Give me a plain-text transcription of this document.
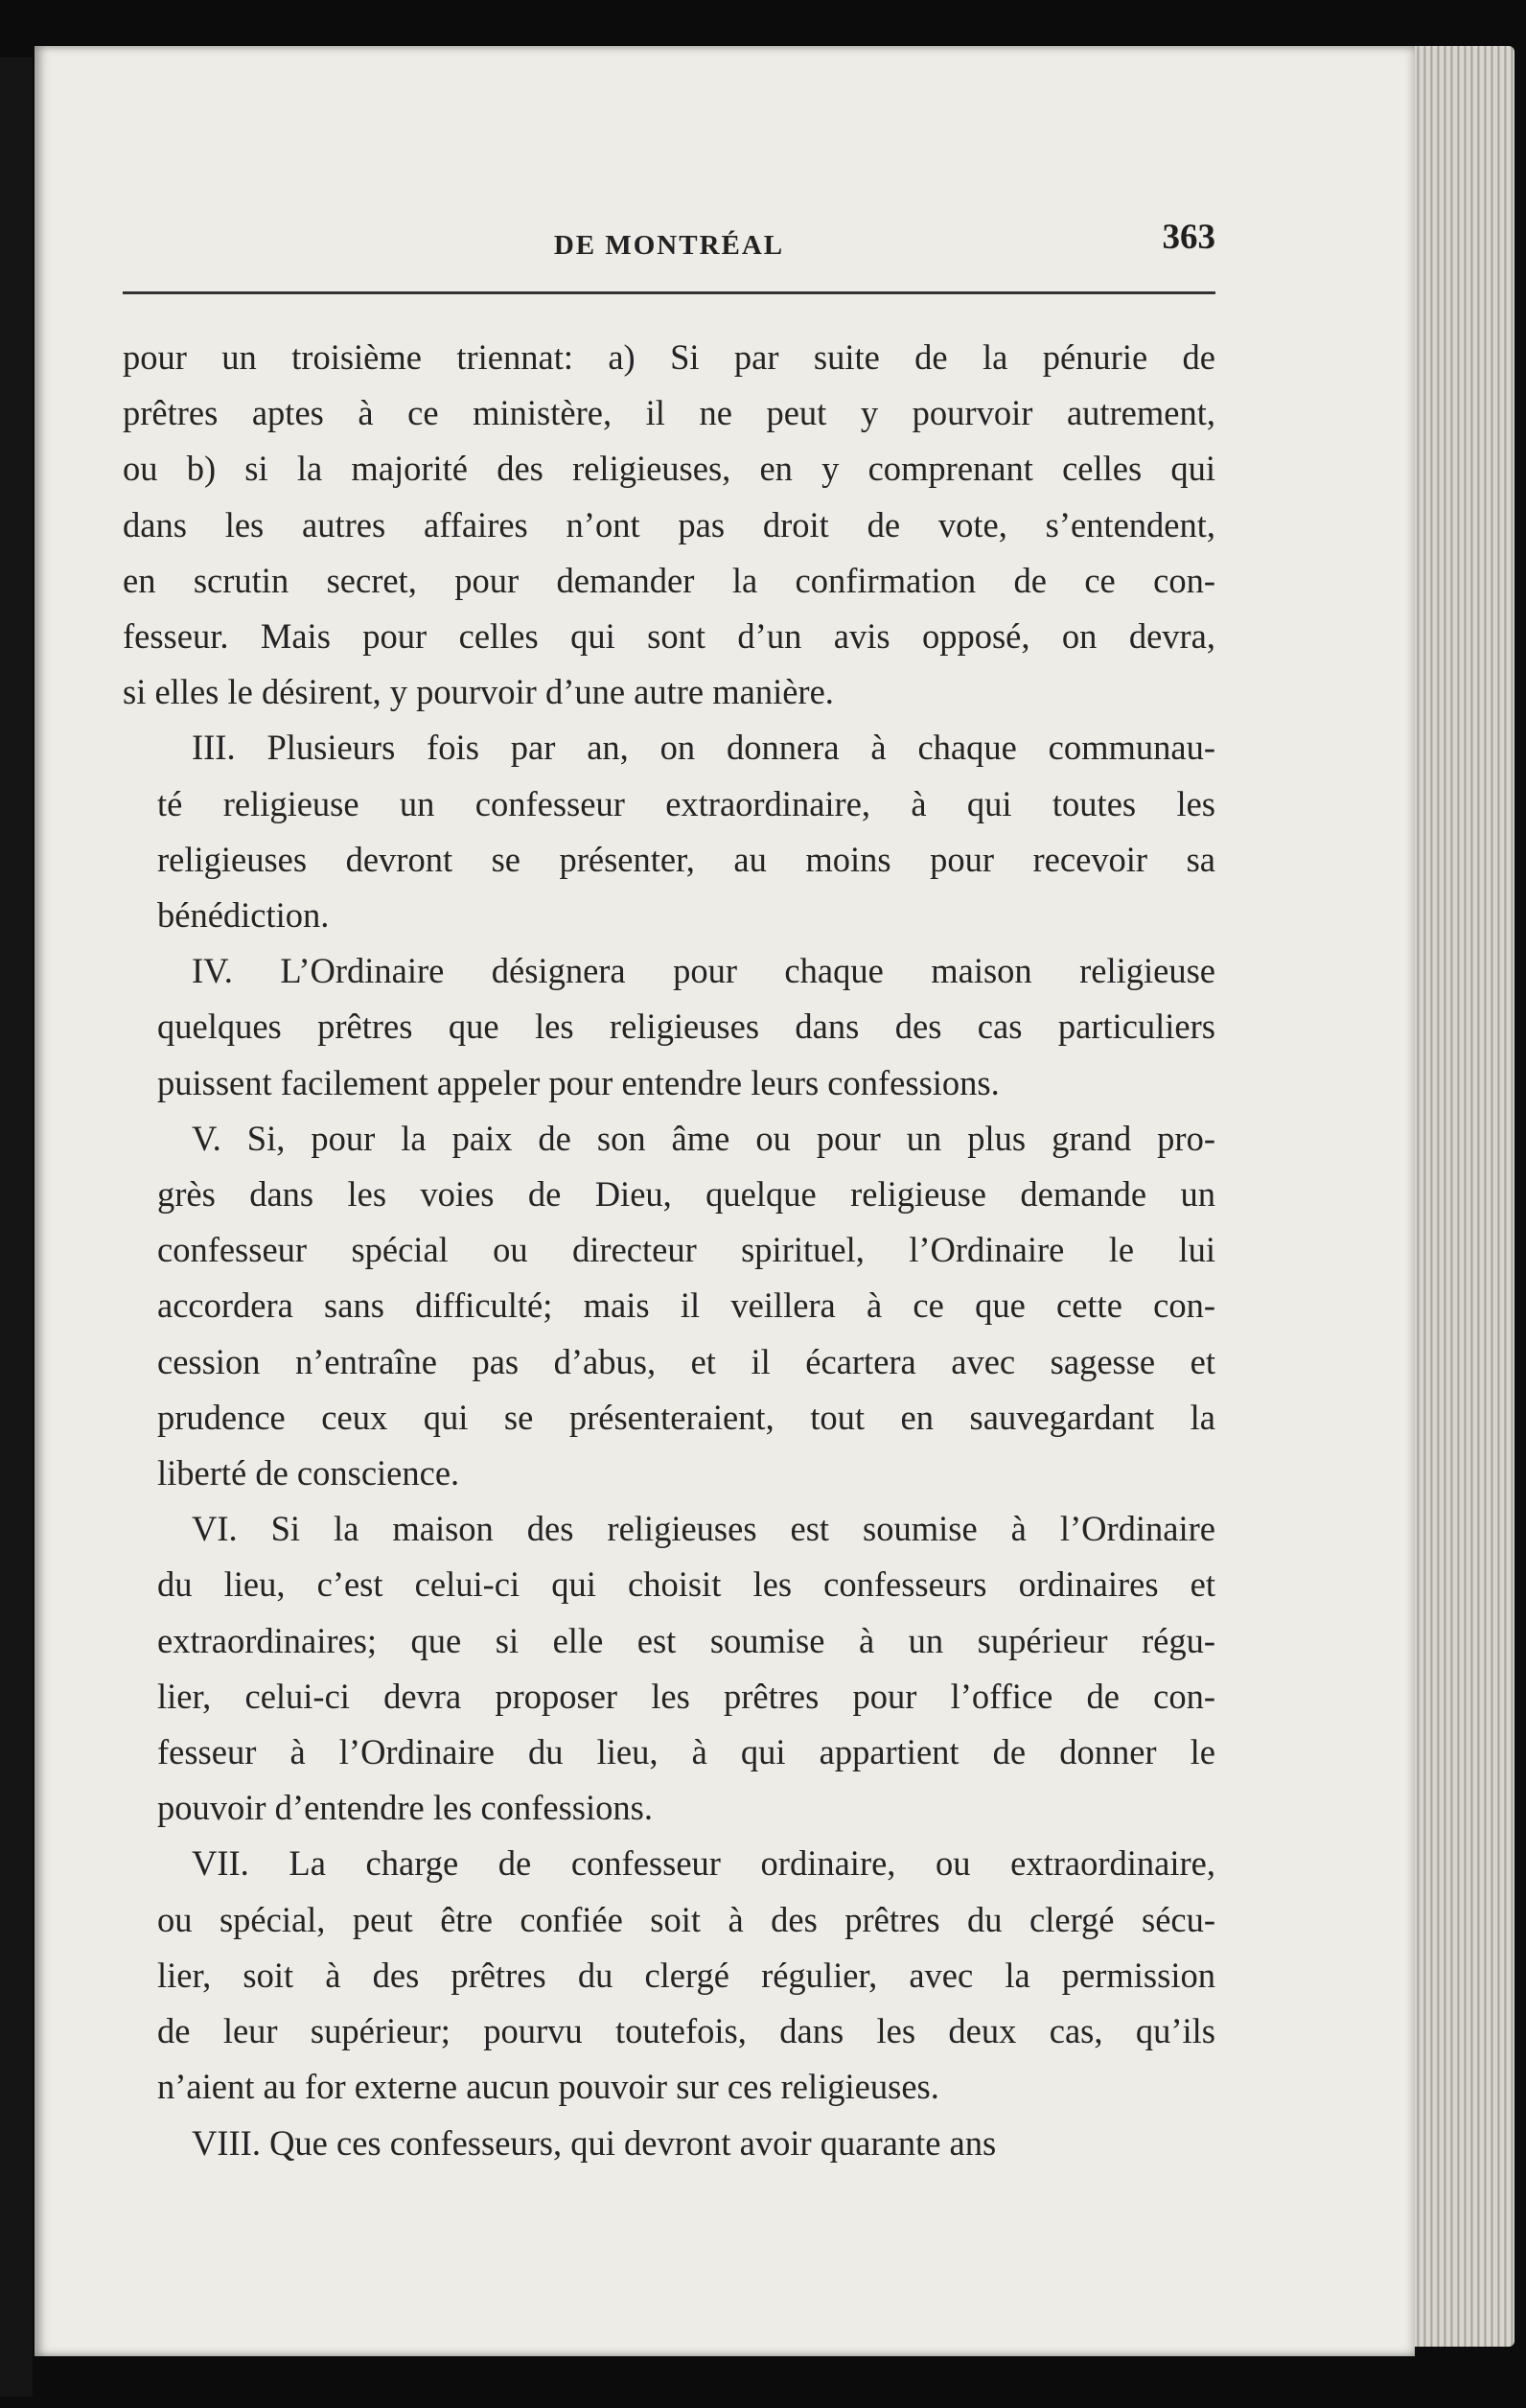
DE MONTRÉAL	363
pour un troisième triennat: a) Si par suite de la pénurie de
prêtres aptes à ce ministère, il ne peut y pourvoir autrement,
ou b) si la majorité des religieuses, en y comprenant celles qui
dans les autres affaires n’ont pas droit de vote, s’entendent,
en scrutin secret, pour demander la confirmation de ce con-
fesseur. Mais pour celles qui sont d’un avis opposé, on devra,
si elles le désirent, y pourvoir d’une autre manière.
III. Plusieurs fois par an, on donnera à chaque communau-
té religieuse un confesseur extraordinaire, à qui toutes les
religieuses devront se présenter, au moins pour recevoir sa
bénédiction.
IV. L’Ordinaire désignera pour chaque maison religieuse
quelques prêtres que les religieuses dans des cas particuliers
puissent facilement appeler pour entendre leurs confessions.
V. Si, pour la paix de son âme ou pour un plus grand pro-
grès dans les voies de Dieu, quelque religieuse demande un
confesseur spécial ou directeur spirituel, l’Ordinaire le lui
accordera sans difficulté; mais il veillera à ce que cette con-
cession n’entraîne pas d’abus, et il écartera avec sagesse et
prudence ceux qui se présenteraient, tout en sauvegardant la
liberté de conscience.
VI. Si la maison des religieuses est soumise à l’Ordinaire
du lieu, c’est celui-ci qui choisit les confesseurs ordinaires et
extraordinaires; que si elle est soumise à un supérieur régu-
lier, celui-ci devra proposer les prêtres pour l’office de con-
fesseur à l’Ordinaire du lieu, à qui appartient de donner le
pouvoir d’entendre les confessions.
VII. La charge de confesseur ordinaire, ou extraordinaire,
ou spécial, peut être confiée soit à des prêtres du clergé sécu-
lier, soit à des prêtres du clergé régulier, avec la permission
de leur supérieur; pourvu toutefois, dans les deux cas, qu’ils
n’aient au for externe aucun pouvoir sur ces religieuses.
VIII. Que ces confesseurs, qui devront avoir quarante ans
